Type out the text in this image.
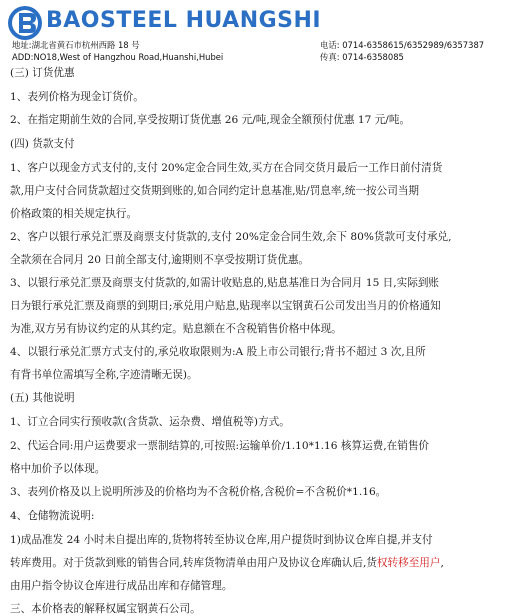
BAOSTEEL HUANGSHI
地址:湖北省黄石市杭州西路 18 号
ADD:NO18,West of Hangzhou Road,Huanshi,Hubei
电话: 0714-6358615/6352989/6357387
传真: 0714-6358085
(三) 订货优惠
1、表列价格为现金订货价。
2、在指定期前生效的合同,享受按期订货优惠 26 元/吨,现金全额预付优惠 17 元/吨。
(四) 货款支付
1、客户以现金方式支付的,支付 20%定金合同生效,买方在合同交货月最后一工作日前付清货
款,用户支付合同货款超过交货期到账的,如合同约定计息基准,贴/罚息率,统一按公司当期
价格政策的相关规定执行。
2、客户以银行承兑汇票及商票支付货款的,支付 20%定金合同生效,余下 80%货款可支付承兑,
全款须在合同月 20 日前全部支付,逾期则不享受按期订货优惠。
3、以银行承兑汇票及商票支付货款的,如需计收贴息的,贴息基准日为合同月 15 日,实际到账
日为银行承兑汇票及商票的到期日;承兑用户贴息,贴现率以宝钢黄石公司发出当月的价格通知
为准,双方另有协议约定的从其约定。贴息额在不含税销售价格中体现。
4、以银行承兑汇票方式支付的,承兑收取限则为:A 股上市公司银行;背书不超过 3 次,且所
有背书单位需填写全称,字迹清晰无误)。
(五) 其他说明
1、订立合同实行预收款(含货款、运杂费、增值税等)方式。
2、代运合同:用户运费要求一票制结算的,可按照:运输单价/1.10*1.16 核算运费,在销售价
格中加价予以体现。
3、表列价格及以上说明所涉及的价格均为不含税价格,含税价=不含税价*1.16。
4、仓储物流说明:
1)成品准发 24 小时未自提出库的,货物将转至协议仓库,用户提货时到协议仓库自提,并支付
转库费用。对于货款到账的销售合同,转库货物清单由用户及协议仓库确认后,货权转移至用户,
由用户指令协议仓库进行成品出库和存储管理。
三、本价格表的解释权属宝钢黄石公司。
